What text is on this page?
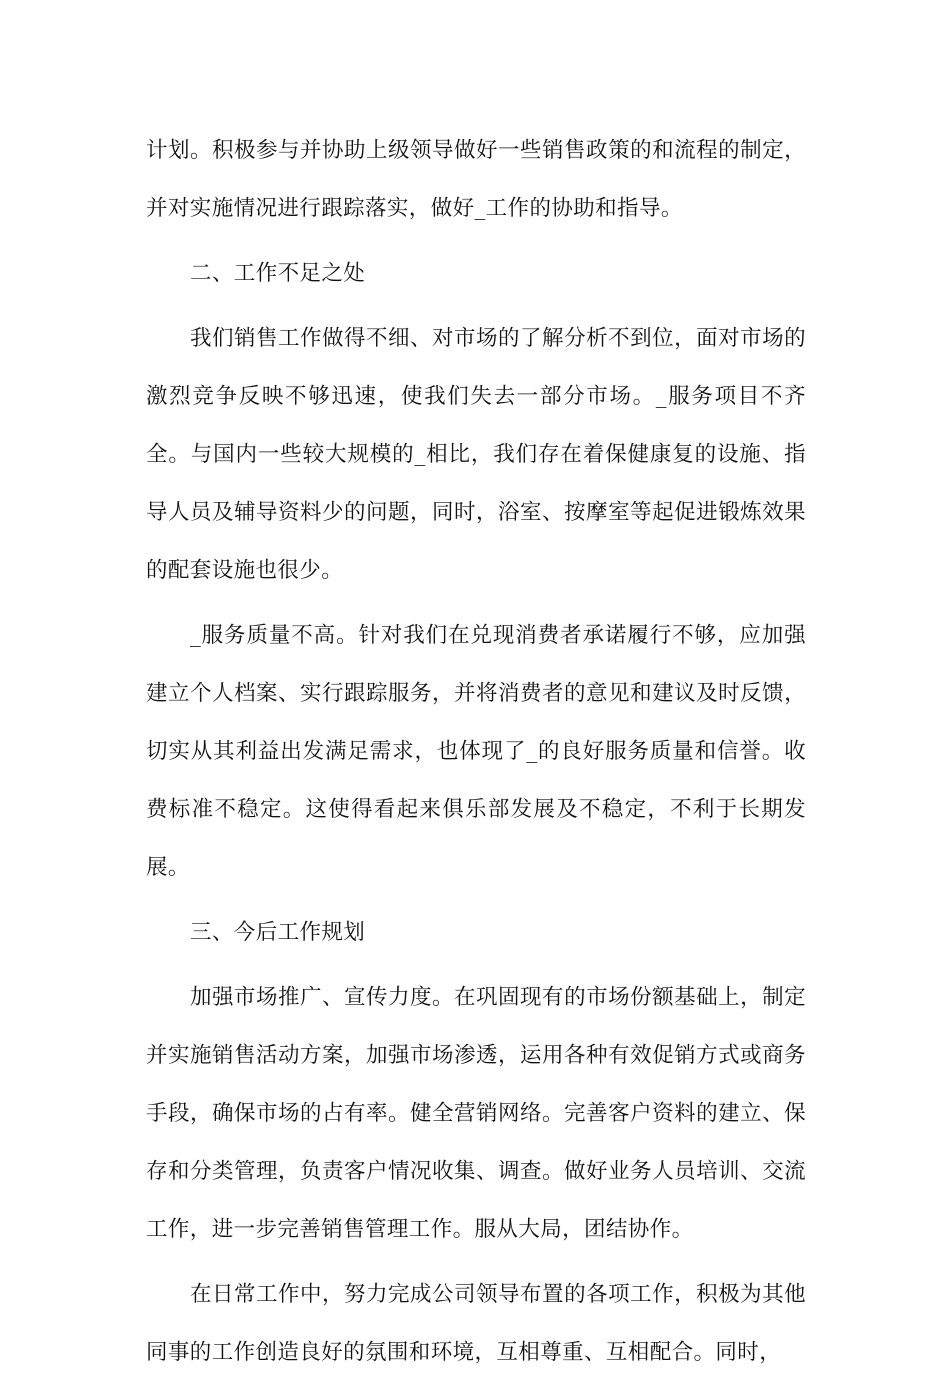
计划。积极参与并协助上级领导做好一些销售政策的和流程的制定，并对实施情况进行跟踪落实，做好_工作的协助和指导。

二、工作不足之处

我们销售工作做得不细、对市场的了解分析不到位，面对市场的激烈竞争反映不够迅速，使我们失去一部分市场。_服务项目不齐全。与国内一些较大规模的_相比，我们存在着保健康复的设施、指导人员及辅导资料少的问题，同时，浴室、按摩室等起促进锻炼效果的配套设施也很少。

_服务质量不高。针对我们在兑现消费者承诺履行不够，应加强建立个人档案、实行跟踪服务，并将消费者的意见和建议及时反馈，切实从其利益出发满足需求，也体现了_的良好服务质量和信誉。收费标准不稳定。这使得看起来俱乐部发展及不稳定，不利于长期发展。

三、今后工作规划

加强市场推广、宣传力度。在巩固现有的市场份额基础上，制定并实施销售活动方案，加强市场渗透，运用各种有效促销方式或商务手段，确保市场的占有率。健全营销网络。完善客户资料的建立、保存和分类管理，负责客户情况收集、调查。做好业务人员培训、交流工作，进一步完善销售管理工作。服从大局，团结协作。

在日常工作中，努力完成公司领导布置的各项工作，积极为其他同事的工作创造良好的氛围和环境，互相尊重、互相配合。同时，
